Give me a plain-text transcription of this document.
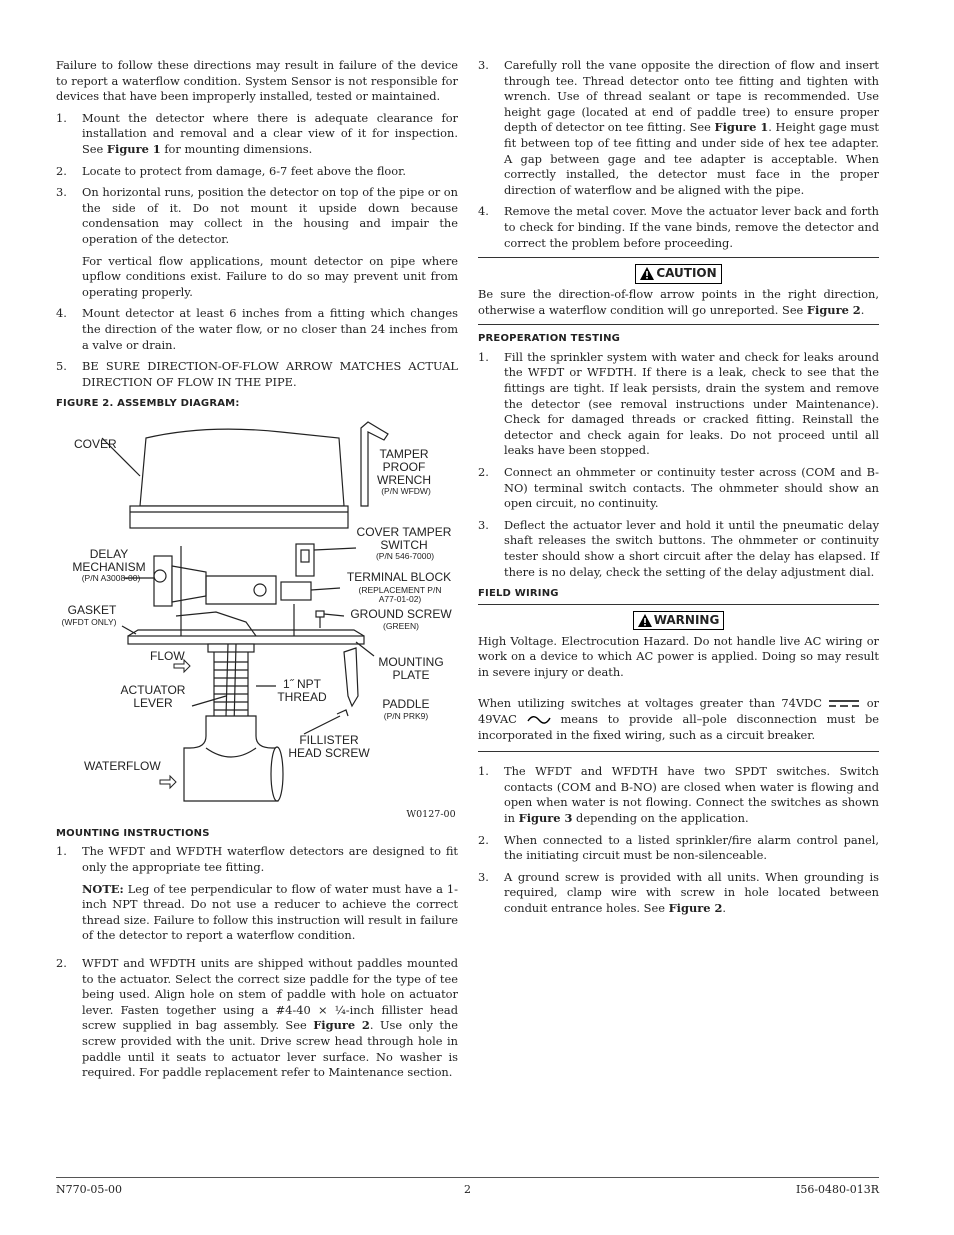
Failure to follow these directions may result in failure of the device to report a waterflow condition. System Sensor is not responsible for devices that have been improperly installed, tested or maintained.

1.	Mount the detector where there is adequate clearance for installation and removal and a clear view of it for inspection. See Figure 1 for mounting dimensions.
2.	Locate to protect from damage, 6-7 feet above the floor.
3.	On horizontal runs, position the detector on top of the pipe or on the side of it. Do not mount it upside down because condensation may collect in the housing and impair the operation of the detector.
For vertical flow applications, mount detector on pipe where upflow conditions exist. Failure to do so may prevent unit from operating properly.
4.	Mount detector at least 6 inches from a fitting which changes the direction of the water flow, or no closer than 24 inches from a valve or drain.
5.	BE SURE DIRECTION-OF-FLOW ARROW MATCHES ACTUAL DIRECTION OF FLOW IN THE PIPE.
FIGURE 2. ASSEMBLY DIAGRAM:
COVER
TAMPER
PROOF
WRENCH
(P/N WFDW)
COVER TAMPER
SWITCH
(P/N 546-7000)
DELAY
MECHANISM
(P/N A3008-00)	TERMINAL BLOCK
(REPLACEMENT P/N
A77-01-02)
GASKET
(WFDT ONLY)
GROUND SCREW
(GREEN)
FLOW	MOUNTING
PLATE
ACTUATOR
LEVER
1˝ NPT
THREAD	PADDLE
(P/N PRK9)
FILLISTER
HEAD SCREW
WATERFLOW
W0127-00
MOUNTING INSTRUCTIONS
1.	The WFDT and WFDTH waterflow detectors are designed to fit only the appropriate tee fitting.

NOTE: Leg of tee perpendicular to flow of water must have a 1-inch NPT thread. Do not use a reducer to achieve the correct thread size. Failure to follow this instruction will result in failure of the detector to report a waterflow condition.

2.	WFDT and WFDTH units are shipped without paddles mounted to the actuator. Select the correct size paddle for the type of tee being used. Align hole on stem of paddle with hole on actuator lever. Fasten together using a #4-40 × ¼-inch fillister head screw supplied in bag assembly. See Figure 2. Use only the screw provided with the unit. Drive screw head through hole in paddle until it seats to actuator lever surface. No washer is required. For paddle replacement refer to Maintenance section.
3.	Carefully roll the vane opposite the direction of flow and insert through tee. Thread detector onto tee fitting and tighten with wrench. Use of thread sealant or tape is recommended. Use height gage (located at end of paddle tree) to ensure proper depth of detector on tee fitting. See Figure 1. Height gage must fit between top of tee fitting and under side of hex tee adapter. A gap between gage and tee adapter is acceptable. When correctly installed, the detector must face in the proper direction of waterflow and be aligned with the pipe.
4.	Remove the metal cover. Move the actuator lever back and forth to check for binding. If the vane binds, remove the detector and correct the problem before proceeding.
CAUTION

Be sure the direction-of-flow arrow points in the right direction, otherwise a waterflow condition will go unreported. See Figure 2.

PREOPERATION TESTING
1.	Fill the sprinkler system with water and check for leaks around the WFDT or WFDTH. If there is a leak, check to see that the fittings are tight. If leak persists, drain the system and remove the detector (see removal instructions under Maintenance). Check for damaged threads or cracked fitting. Reinstall the detector and check again for leaks. Do not proceed until all leaks have been stopped.
2.	Connect an ohmmeter or continuity tester across (COM and B-NO) terminal switch contacts. The ohmmeter should show an open circuit, no continuity.
3.	Deflect the actuator lever and hold it until the pneumatic delay shaft releases the switch buttons. The ohmmeter or continuity tester should show a short circuit after the delay has elapsed. If there is no delay, check the setting of the delay adjustment dial.
FIELD WIRING
WARNING

High Voltage. Electrocution Hazard. Do not handle live AC wiring or work on a device to which AC power is applied. Doing so may result in severe injury or death.

When utilizing switches at voltages greater than 74VDC	or 49VAC	means to provide all–pole disconnection must be incorporated in the fixed wiring, such as a circuit breaker.

1.	The WFDT and WFDTH have two SPDT switches. Switch contacts (COM and B-NO) are closed when water is flowing and open when water is not flowing. Connect the switches as shown in Figure 3 depending on the application.
2.	When connected to a listed sprinkler/fire alarm control panel, the initiating circuit must be non-silenceable.
3.	A ground screw is provided with all units. When grounding is required, clamp wire with screw in hole located between conduit entrance holes. See Figure 2.
N770-05-00	2	I56-0480-013R
